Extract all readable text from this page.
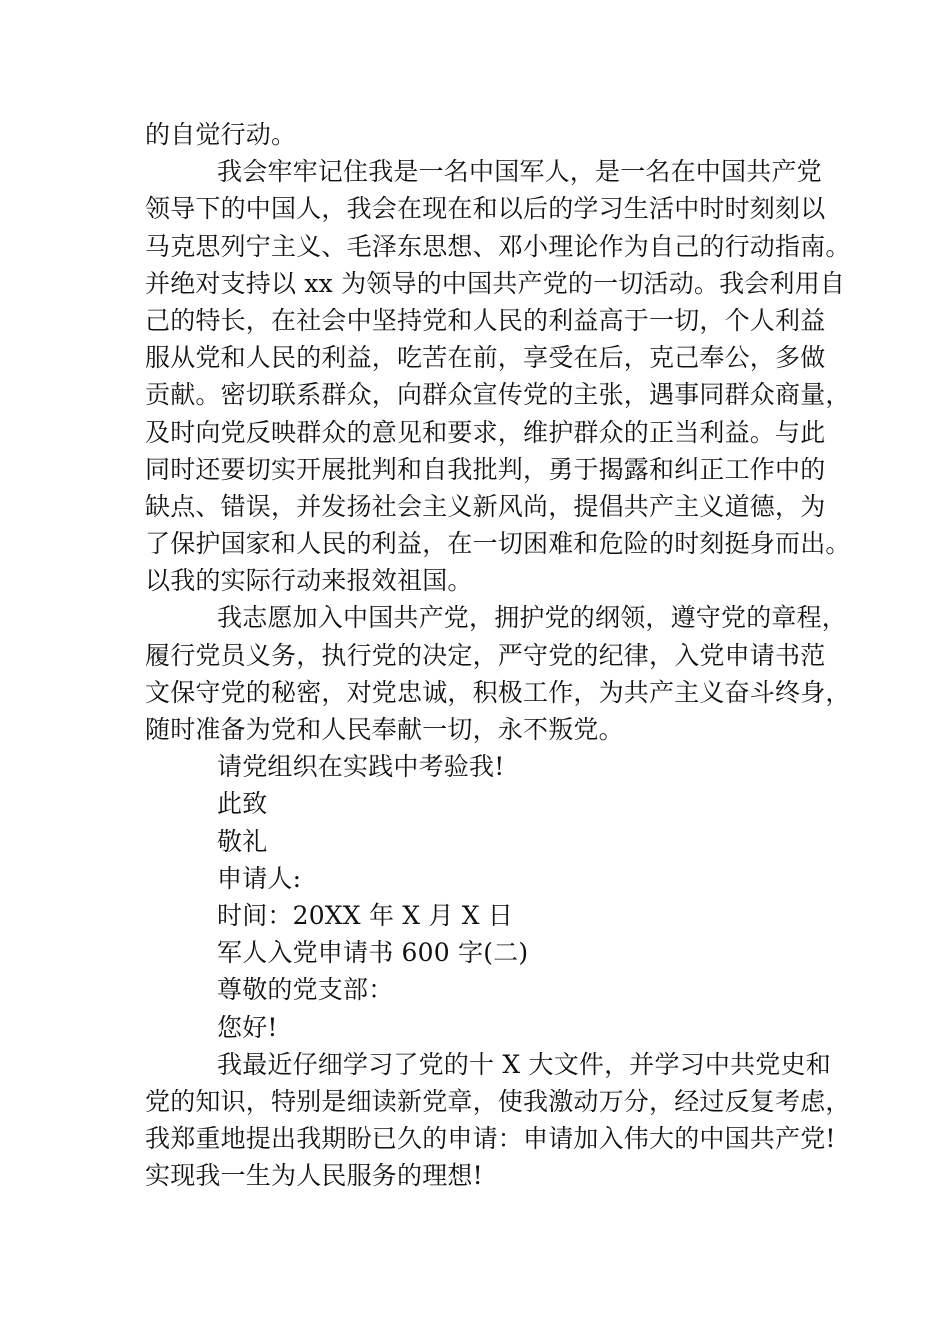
的自觉行动。
我会牢牢记住我是一名中国军人，是一名在中国共产党
领导下的中国人，我会在现在和以后的学习生活中时时刻刻以
马克思列宁主义、毛泽东思想、邓小理论作为自己的行动指南。
并绝对支持以 xx 为领导的中国共产党的一切活动。我会利用自
己的特长，在社会中坚持党和人民的利益高于一切，个人利益
服从党和人民的利益，吃苦在前，享受在后，克己奉公，多做
贡献。密切联系群众，向群众宣传党的主张，遇事同群众商量，
及时向党反映群众的意见和要求，维护群众的正当利益。与此
同时还要切实开展批判和自我批判，勇于揭露和纠正工作中的
缺点、错误，并发扬社会主义新风尚，提倡共产主义道德，为
了保护国家和人民的利益，在一切困难和危险的时刻挺身而出。
以我的实际行动来报效祖国。
我志愿加入中国共产党，拥护党的纲领，遵守党的章程，
履行党员义务，执行党的决定，严守党的纪律，入党申请书范
文保守党的秘密，对党忠诚，积极工作，为共产主义奋斗终身，
随时准备为党和人民奉献一切，永不叛党。
请党组织在实践中考验我!
此致
敬礼
申请人:
时间：20XX 年 X 月 X 日
军人入党申请书 600 字(二)
尊敬的党支部：
您好!
我最近仔细学习了党的十 X 大文件，并学习中共党史和
党的知识，特别是细读新党章，使我激动万分，经过反复考虑，
我郑重地提出我期盼已久的申请：申请加入伟大的中国共产党!
实现我一生为人民服务的理想!
